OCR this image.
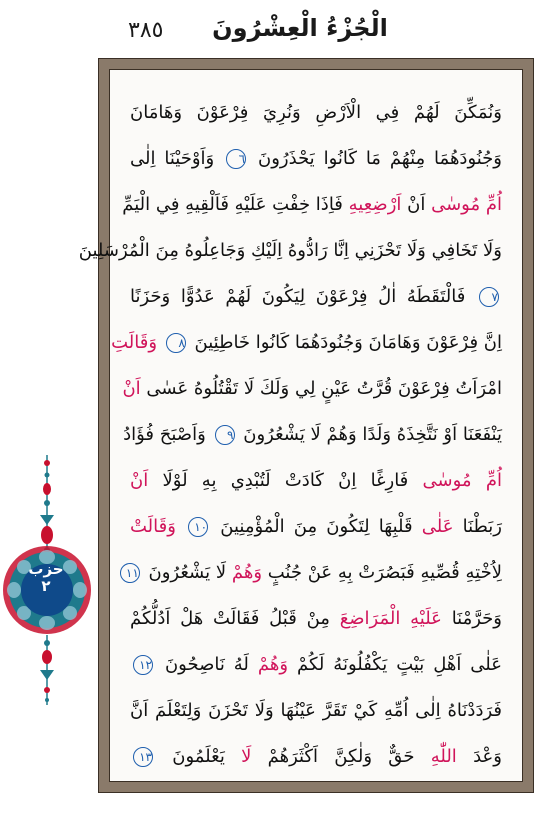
الْجُزْءُ الْعِشْرُونَ
٣٨٥
وَنُمَكِّنَ لَهُمْ فِي الْاَرْضِ وَنُرِيَ فِرْعَوْنَ وَهَامَانَ
وَجُنُودَهُمَا مِنْهُمْ مَا كَانُوا يَحْذَرُونَ ٦ وَاَوْحَيْنَا اِلٰى
اُمِّ مُوسٰى اَنْ اَرْضِعِيهِ فَاِذَا خِفْتِ عَلَيْهِ فَاَلْقِيهِ فِي الْيَمِّ
وَلَا تَخَافِي وَلَا تَحْزَنِي اِنَّا رَادُّوهُ اِلَيْكِ وَجَاعِلُوهُ مِنَ الْمُرْسَلِينَ
٧ فَالْتَقَطَهُ اٰلُ فِرْعَوْنَ لِيَكُونَ لَهُمْ عَدُوًّا وَحَزَنًا
اِنَّ فِرْعَوْنَ وَهَامَانَ وَجُنُودَهُمَا كَانُوا خَاطِئِينَ ٨ وَقَالَتِ
امْرَاَتُ فِرْعَوْنَ قُرَّتُ عَيْنٍ لِي وَلَكَ لَا تَقْتُلُوهُ عَسٰى اَنْ
يَنْفَعَنَا اَوْ نَتَّخِذَهُ وَلَدًا وَهُمْ لَا يَشْعُرُونَ ٩ وَاَصْبَحَ فُؤَادُ
اُمِّ مُوسٰى فَارِغًا اِنْ كَادَتْ لَتُبْدِي بِهِ لَوْلَا اَنْ
رَبَطْنَا عَلٰى قَلْبِهَا لِتَكُونَ مِنَ الْمُؤْمِنِينَ ١٠ وَقَالَتْ
لِاُخْتِهِ قُصِّيهِ فَبَصُرَتْ بِهِ عَنْ جُنُبٍ وَهُمْ لَا يَشْعُرُونَ ١١
وَحَرَّمْنَا عَلَيْهِ الْمَرَاضِعَ مِنْ قَبْلُ فَقَالَتْ هَلْ اَدُلُّكُمْ
عَلٰى اَهْلِ بَيْتٍ يَكْفُلُونَهُ لَكُمْ وَهُمْ لَهُ نَاصِحُونَ ١٢
فَرَدَدْنَاهُ اِلٰى اُمِّهِ كَيْ تَقَرَّ عَيْنُهَا وَلَا تَحْزَنَ وَلِتَعْلَمَ اَنَّ
وَعْدَ اللّٰهِ حَقٌّ وَلٰكِنَّ اَكْثَرَهُمْ لَا يَعْلَمُونَ ١٣
حزب
٢
